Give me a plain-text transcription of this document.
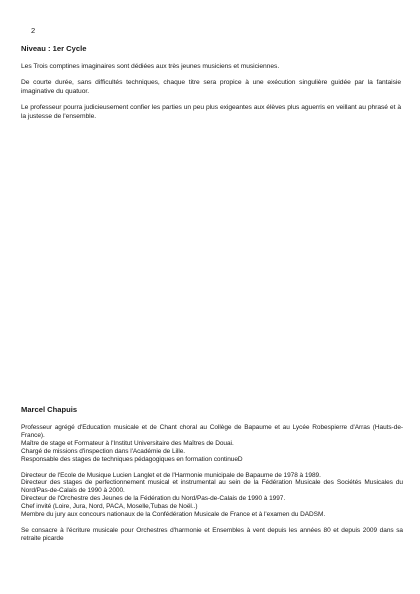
2
Niveau : 1er Cycle

Les Trois comptines imaginaires sont dédiées aux très jeunes musiciens et musiciennes.

De courte durée, sans difficultés techniques, chaque titre sera propice à une exécution singulière guidée par la fantaisie imaginative du quatuor.

Le professeur pourra judicieusement confier les parties un peu plus exigeantes aux élèves plus aguerris en veillant au phrasé et à la justesse de l'ensemble.

Marcel Chapuis

Professeur agrégé d'Education musicale et de Chant choral au Collège de Bapaume et au Lycée Robespierre d'Arras (Hauts-de-France).

Maître de stage et Formateur à l'Institut Universitaire des Maîtres de Douai.

Chargé de missions d'inspection dans l'Académie de Lille.

Responsable des stages de techniques pédagogiques en formation continueD

Directeur de l'Ecole de Musique Lucien Langlet et de l'Harmonie municipale de Bapaume de 1978 à 1989.

Directeur des stages de perfectionnement musical et instrumental au sein de la Fédération Musicale des Sociétés Musicales du Nord/Pas-de-Calais de 1990 à 2000.

Directeur de l'Orchestre des Jeunes de la Fédération du Nord/Pas-de-Calais de 1990 à 1997.

Chef invité (Loire, Jura, Nord, PACA, Moselle,Tubas de Noël..)

Membre du jury aux concours nationaux de la Confédération Musicale de France et à l'examen du DADSM.

Se consacre à l'écriture musicale pour Orchestres d'harmonie et Ensembles à vent depuis les années 80 et depuis 2009 dans sa retraite picarde
